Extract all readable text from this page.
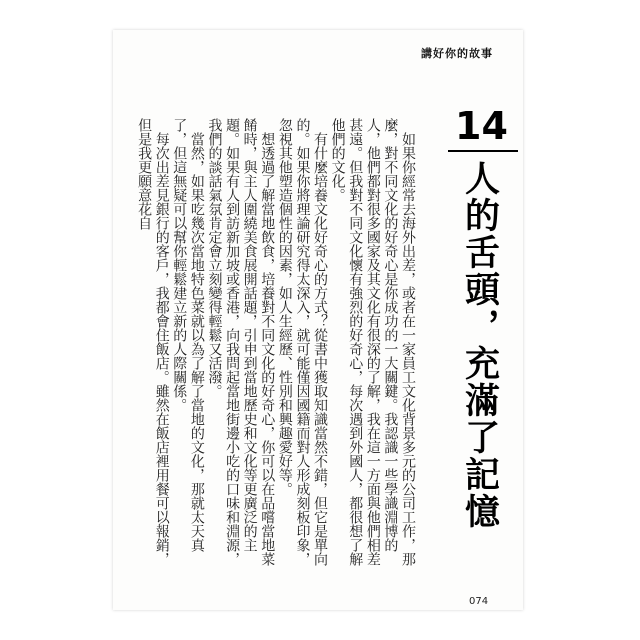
講好你的故事
14
人的舌頭，充滿了記憶

如果你經常去海外出差，或者在一家員工文化背景多元的公司工作，那麼，對不同文化的好奇心是你成功的一大關鍵。我認識一些學識淵博的人，他們都對很多國家及其文化有很深的了解，我在這一方面與他們相差甚遠。但我對不同文化懷有強烈的好奇心，每次遇到外國人，都很想了解他們的文化。

有什麼培養文化好奇心的方式？從書中獲取知識當然不錯，但它是單向的。如果你將理論研究得太深入，就可能僅因國籍而對人形成刻板印象，忽視其他塑造個性的因素，如人生經歷、性別和興趣愛好等。

想透過了解當地飲食，培養對不同文化的好奇心，你可以在品嚐當地菜餚時，與主人圍繞美食展開話題，引申到當地歷史和文化等更廣泛的主題。如果有人到訪新加坡或香港，向我問起當地街邊小吃的口味和淵源，我們的談話氣氛肯定會立刻變得輕鬆又活潑。

當然，如果吃幾次當地特色菜就以為了解了當地的文化，那就太天真了，但這無疑可以幫你輕鬆建立新的人際關係。

每次出差見銀行的客戶，我都會住飯店。雖然在飯店裡用餐可以報銷，但是我更願意花自

074
